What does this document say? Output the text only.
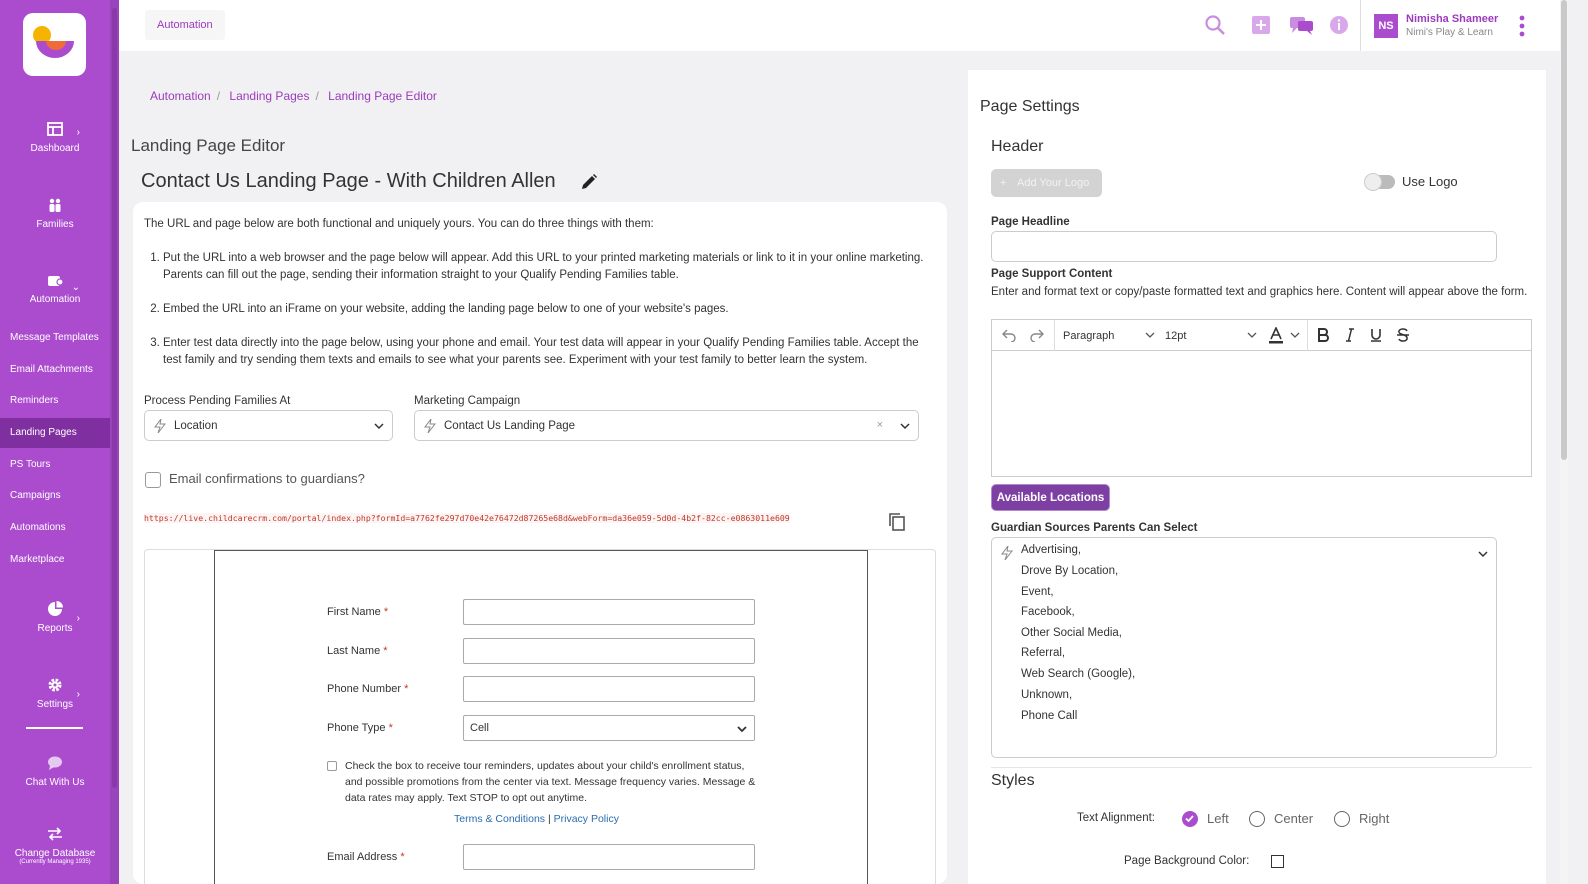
›
Dashboard
Families
⌄
Automation
Message Templates
Email Attachments
Reminders
Landing Pages
PS Tours
Campaigns
Automations
Marketplace
›
Reports
›
Settings
Chat With Us
Change Database
(Currently Managing 1935)
Automation	NS
Nimisha Shameer
Nimi's Play & Learn
Automation / Landing Pages / Landing Page Editor
Landing Page Editor
Contact Us Landing Page - With Children Allen

The URL and page below are both functional and uniquely yours. You can do three things with them:

1. Put the URL into a web browser and the page below will appear. Add this URL to your printed marketing materials or link to it in your online marketing. Parents can fill out the page, sending their information straight to your Qualify Pending Families table.
2. Embed the URL into an iFrame on your website, adding the landing page below to one of your website's pages.
3. Enter test data directly into the page below, using your phone and email. Your test data will appear in your Qualify Pending Families table. Accept the test family and try sending them texts and emails to see what your parents see. Experiment with your test family to better learn the system.
Process Pending Families At
Location
Marketing Campaign
Contact Us Landing Page	×
Email confirmations to guardians?
https://live.childcarecrm.com/portal/index.php?formId=a7762fe297d70e42e76472d87265e68d&webForm=da36e059-5d0d-4b2f-82cc-e0863011e609
First Name *
Last Name *
Phone Number *
Phone Type *	Cell
Check the box to receive tour reminders, updates about your child's enrollment status, and possible promotions from the center via text. Message frequency varies. Message & data rates may apply. Text STOP to opt out anytime.
Terms & Conditions | Privacy Policy
Email Address *
Page Settings
Header
+ Add Your Logo	Use Logo
Page Headline
Page Support Content
Enter and format text or copy/paste formatted text and graphics here. Content will appear above the form.
Paragraph	12pt
Available Locations
Guardian Sources Parents Can Select
Advertising,
Drove By Location,
Event,
Facebook,
Other Social Media,
Referral,
Web Search (Google),
Unknown,
Phone Call
Styles
Text Alignment:	Left	Center	Right
Page Background Color:
